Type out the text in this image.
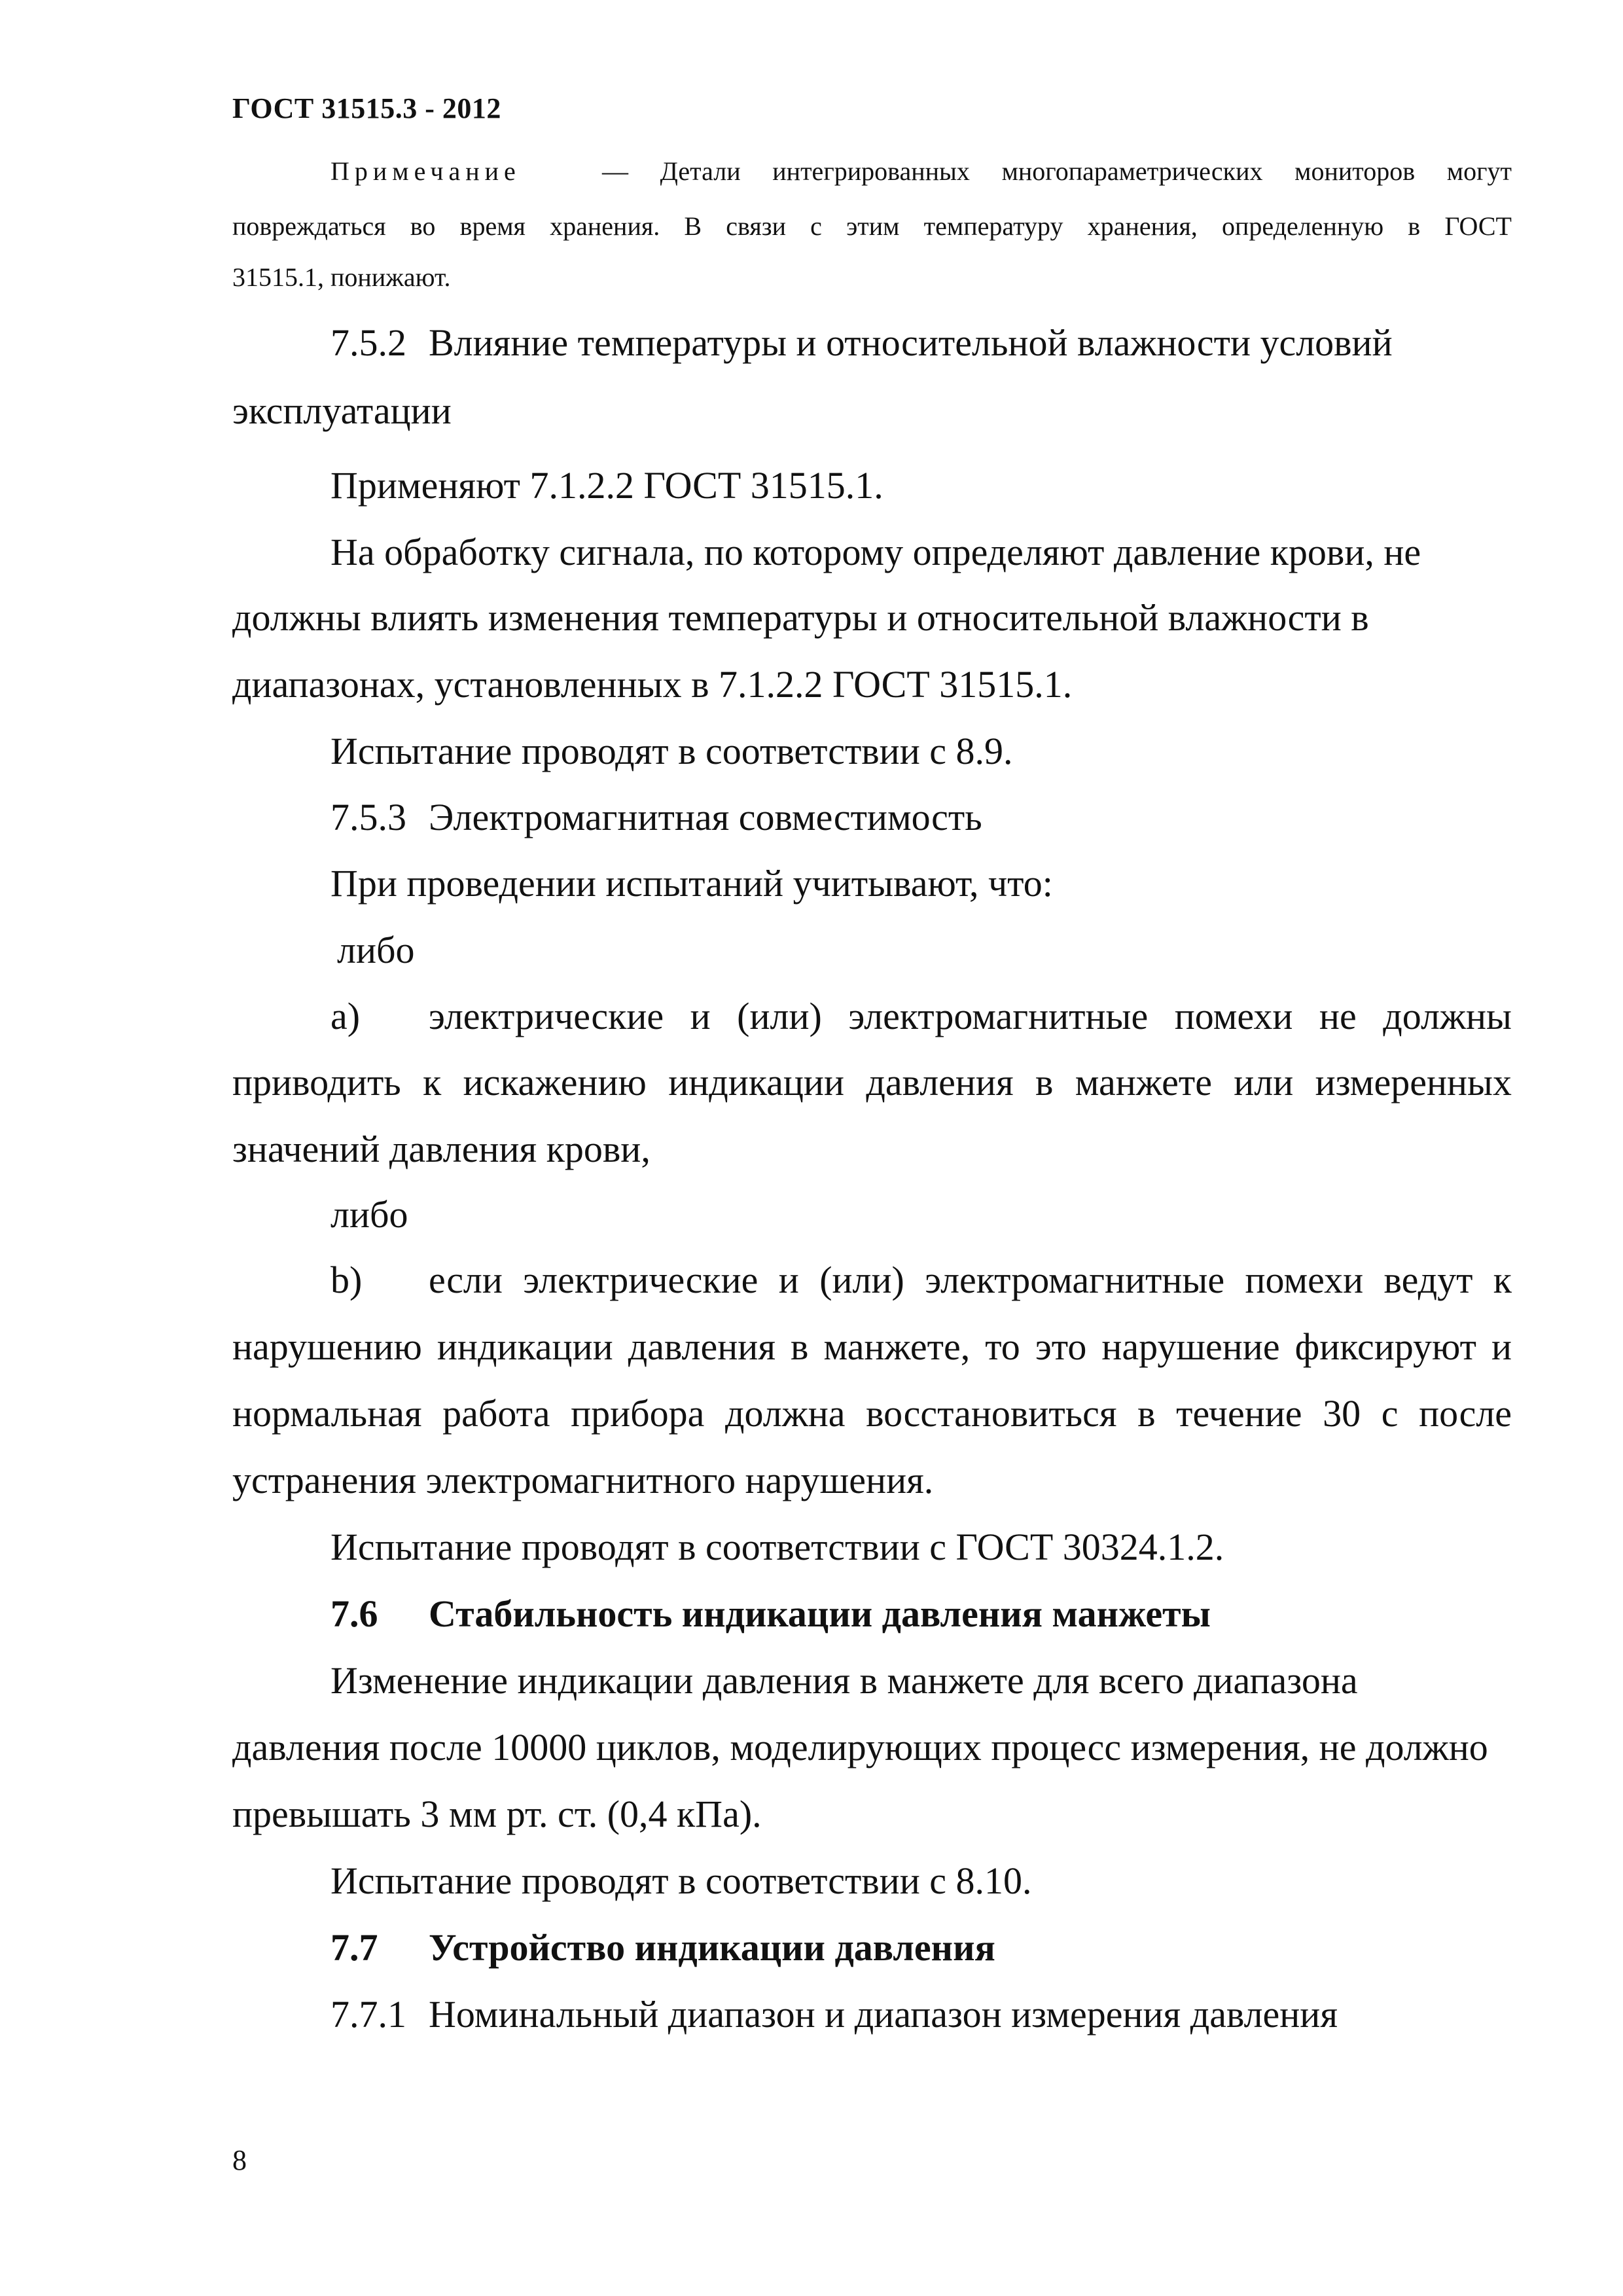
ГОСТ 31515.3 - 2012

Примечание	— Детали интегрированных многопараметрических мониторов могут

повреждаться во время хранения. В связи с этим температуру хранения, определенную в ГОСТ

31515.1, понижают.

7.5.2 Влияние температуры и относительной влажности условий

эксплуатации

Применяют 7.1.2.2 ГОСТ 31515.1.

На обработку сигнала, по которому определяют давление крови, не

должны влиять изменения температуры и относительной влажности в

диапазонах, установленных в 7.1.2.2 ГОСТ 31515.1.

Испытание проводят в соответствии с 8.9.

7.5.3 Электромагнитная совместимость

При проведении испытаний учитывают, что:

либо

a) электрические и (или) электромагнитные помехи не должны

приводить к искажению индикации давления в манжете или измеренных

значений давления крови,

либо

b) если электрические и (или) электромагнитные помехи ведут к

нарушению индикации давления в манжете, то это нарушение фиксируют и

нормальная работа прибора должна восстановиться в течение 30 с после

устранения электромагнитного нарушения.

Испытание проводят в соответствии с ГОСТ 30324.1.2.

7.6 Стабильность индикации давления манжеты

Изменение индикации давления в манжете для всего диапазона

давления после 10000 циклов, моделирующих процесс измерения, не должно

превышать 3 мм рт. ст. (0,4 кПа).

Испытание проводят в соответствии с 8.10.

7.7 Устройство индикации давления

7.7.1 Номинальный диапазон и диапазон измерения давления

8
